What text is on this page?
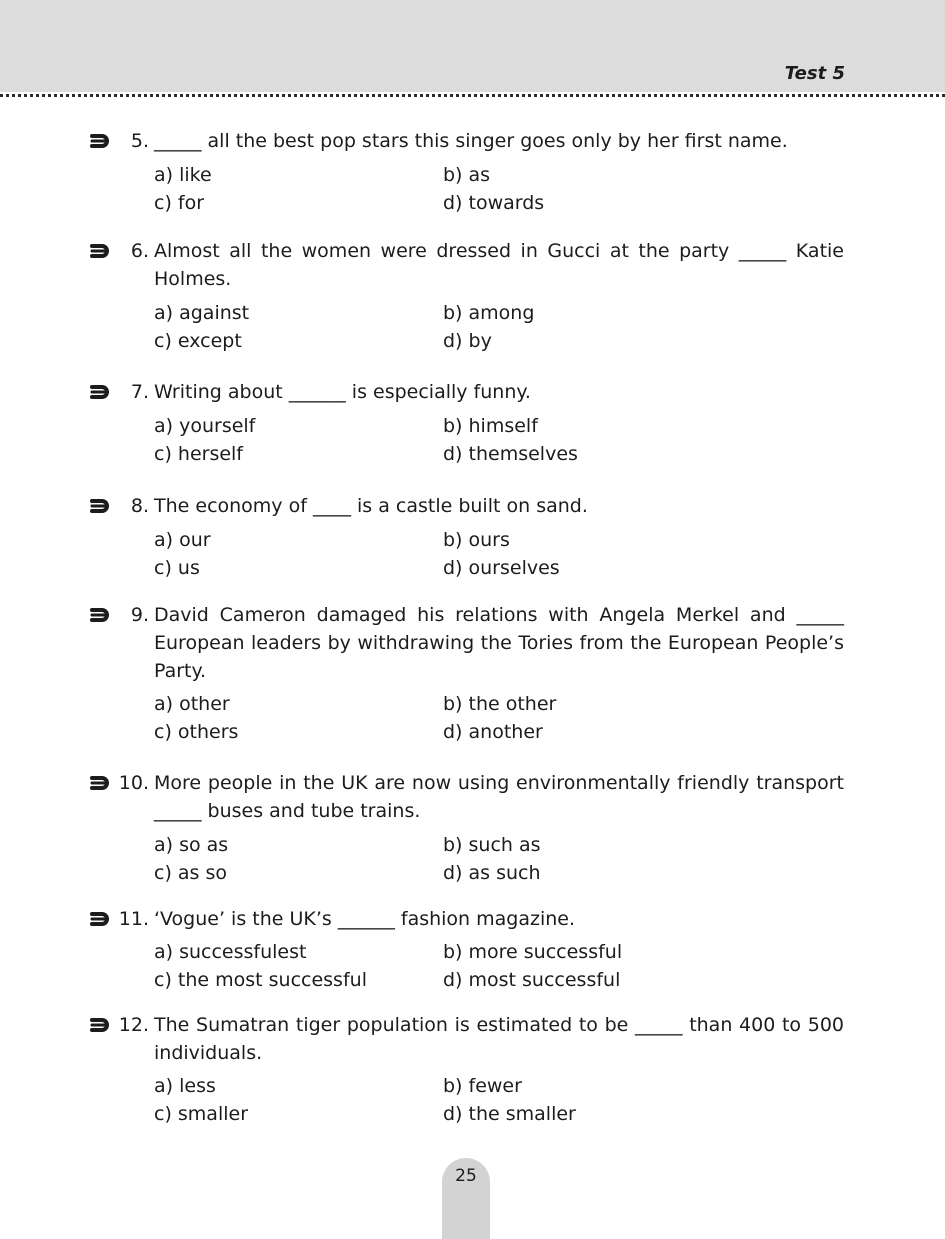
Test 5
5. _____ all the best pop stars this singer goes only by her first name.
a) like	b) as
c) for	d) towards
6. Almost all the women were dressed in Gucci at the party _____ Katie Holmes.
a) against	b) among
c) except	d) by
7. Writing about ______ is especially funny.
a) yourself	b) himself
c) herself	d) themselves
8. The economy of ____ is a castle built on sand.
a) our	b) ours
c) us	d) ourselves
9. David Cameron damaged his relations with Angela Merkel and _____ European leaders by withdrawing the Tories from the European People’s Party.
a) other	b) the other
c) others	d) another
10. More people in the UK are now using environmentally friendly transport _____ buses and tube trains.
a) so as	b) such as
c) as so	d) as such
11. ‘Vogue’ is the UK’s ______ fashion magazine.
a) successfulest	b) more successful
c) the most successful	d) most successful
12. The Sumatran tiger population is estimated to be _____ than 400 to 500 individuals.
a) less	b) fewer
c) smaller	d) the smaller
25
